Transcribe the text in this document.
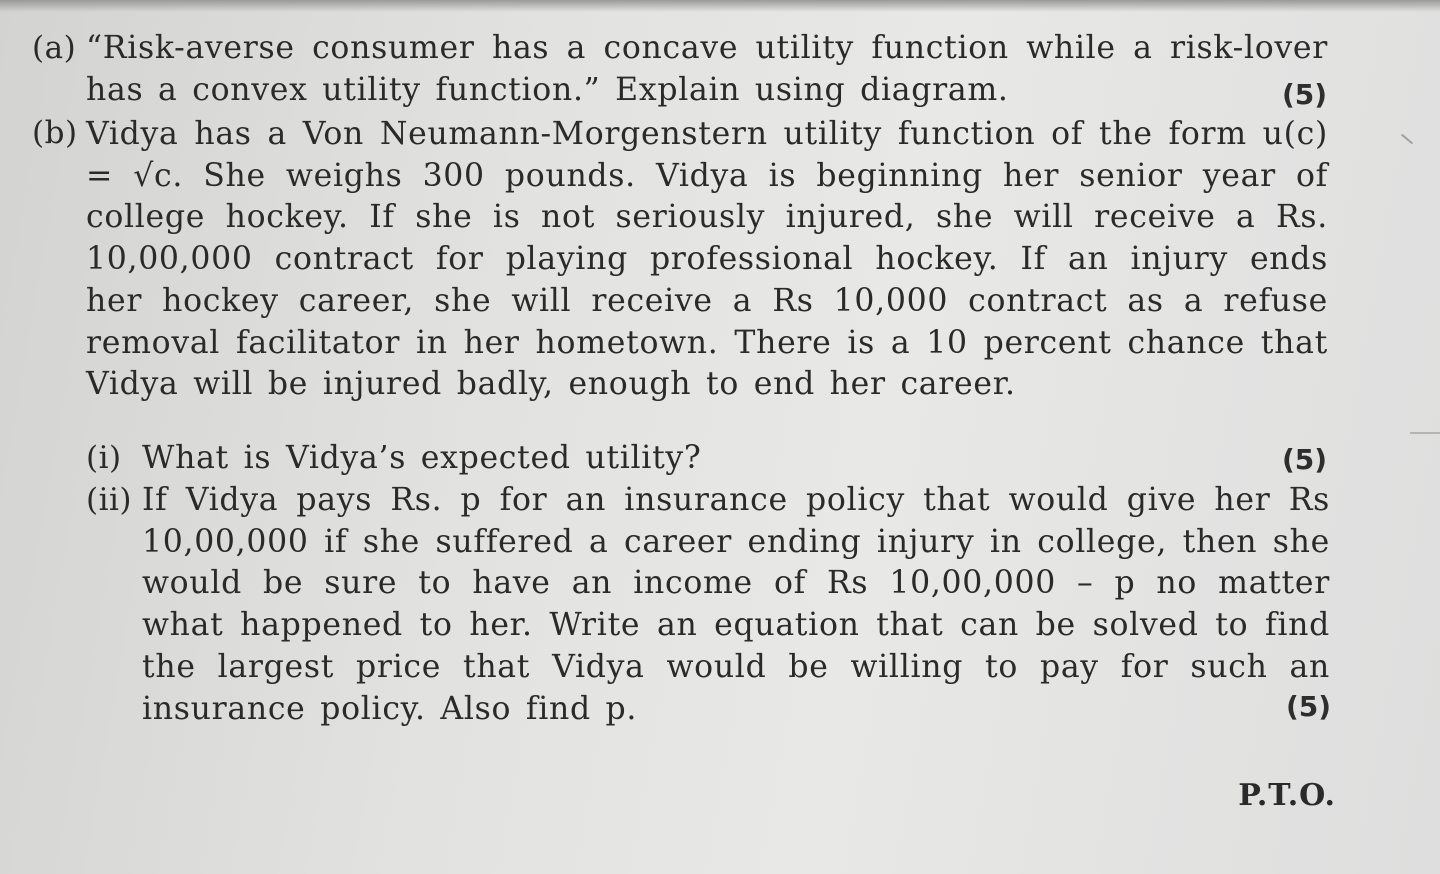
(a) “Risk-averse consumer has a concave utility function while a risk-lover has a convex utility function.” Explain using diagram.	(5)
(b) Vidya has a Von Neumann-Morgenstern utility function of the form u(c) = √c. She weighs 300 pounds. Vidya is beginning her senior year of college hockey. If she is not seriously injured, she will receive a Rs. 10,00,000 contract for playing professional hockey. If an injury ends her hockey career, she will receive a Rs 10,000 contract as a refuse removal facilitator in her hometown. There is a 10 percent chance that Vidya will be injured badly, enough to end her career.
(i) What is Vidya’s expected utility?	(5)
(ii) If Vidya pays Rs. p for an insurance policy that would give her Rs 10,00,000 if she suffered a career ending injury in college, then she would be sure to have an income of Rs 10,00,000 – p no matter what happened to her. Write an equation that can be solved to find the largest price that Vidya would be willing to pay for such an insurance policy. Also find p.	(5)
P.T.O.
